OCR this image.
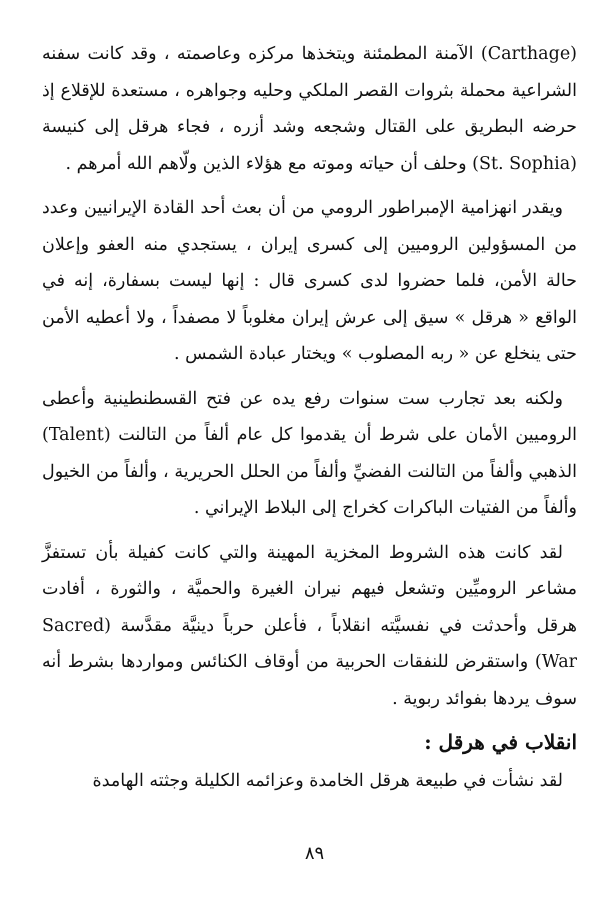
(Carthage) الآمنة المطمئنة ويتخذها مركزه وعاصمته ، وقد كانت سفنه الشراعية محملة بثروات القصر الملكي وحليه وجواهره ، مستعدة للإقلاع إذ حرضه البطريق على القتال وشجعه وشد أزره ، فجاء هرقل إلى كنيسة (St. Sophia) وحلف أن حياته وموته مع هؤلاء الذين ولّاهم الله أمرهم .

ويقدر انهزامية الإمبراطور الرومي من أن بعث أحد القادة الإيرانيين وعدد من المسؤولين الروميين إلى كسرى إيران ، يستجدي منه العفو وإعلان حالة الأمن، فلما حضروا لدى كسرى قال : إنها ليست بسفارة، إنه في الواقع « هرقل » سيق إلى عرش إيران مغلوباً لا مصفداً ، ولا أعطيه الأمن حتى ينخلع عن « ربه المصلوب » ويختار عبادة الشمس .

ولكنه بعد تجارب ست سنوات رفع يده عن فتح القسطنطينية وأعطى الروميين الأمان على شرط أن يقدموا كل عام ألفاً من التالنت (Talent) الذهبي وألفاً من التالنت الفضيِّ وألفاً من الحلل الحريرية ، وألفاً من الخيول وألفاً من الفتيات الباكرات كخراج إلى البلاط الإيراني .

لقد كانت هذه الشروط المخزية المهينة والتي كانت كفيلة بأن تستفزَّ مشاعر الروميِّين وتشعل فيهم نيران الغيرة والحميَّة ، والثورة ، أفادت هرقل وأحدثت في نفسيَّته انقلاباً ، فأعلن حرباً دينيَّة مقدَّسة (Sacred War) واستقرض للنفقات الحربية من أوقاف الكنائس ومواردها بشرط أنه سوف يردها بفوائد ربوية .

انقلاب في هرقل :

لقد نشأت في طبيعة هرقل الخامدة وعزائمه الكليلة وجثته الهامدة

٨٩
